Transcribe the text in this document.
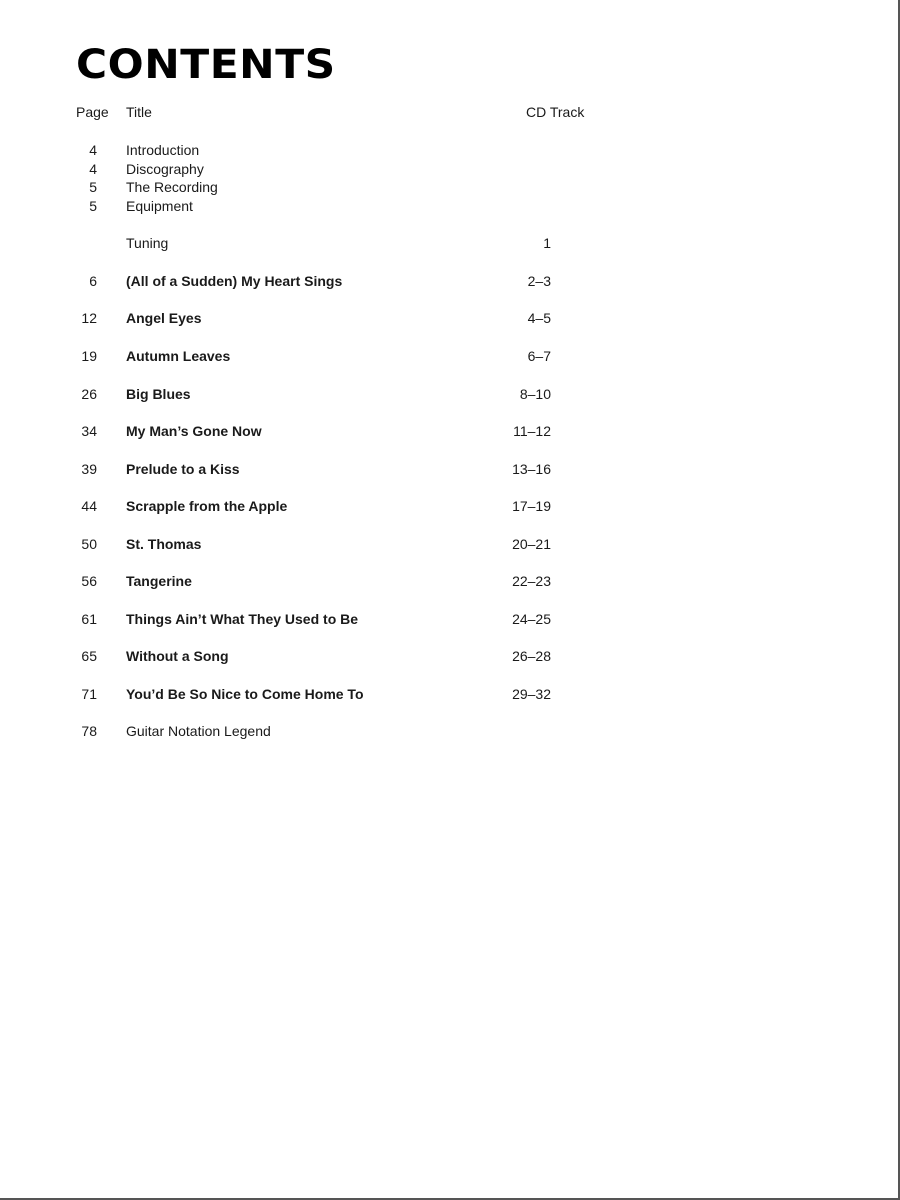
CONTENTS
Page Title	CD Track
4 Introduction
4 Discography
5 The Recording
5 Equipment
Tuning	1
6 (All of a Sudden) My Heart Sings	2–3
12 Angel Eyes	4–5
19 Autumn Leaves	6–7
26 Big Blues	8–10
34 My Man’s Gone Now	11–12
39 Prelude to a Kiss	13–16
44 Scrapple from the Apple	17–19
50 St. Thomas	20–21
56 Tangerine	22–23
61 Things Ain’t What They Used to Be	24–25
65 Without a Song	26–28
71 You’d Be So Nice to Come Home To	29–32
78 Guitar Notation Legend
